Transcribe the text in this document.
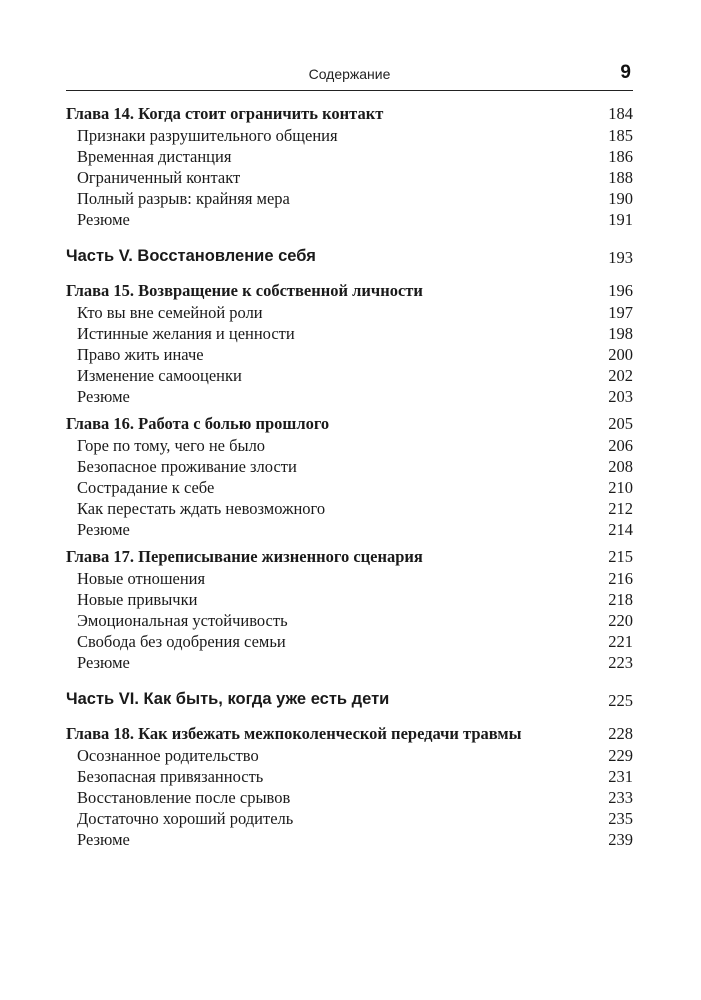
Содержание	9
Глава 14. Когда стоит ограничить контакт	184
Признаки разрушительного общения	185
Временная дистанция	186
Ограниченный контакт	188
Полный разрыв: крайняя мера	190
Резюме	191
Часть V. Восстановление себя	193
Глава 15. Возвращение к собственной личности	196
Кто вы вне семейной роли	197
Истинные желания и ценности	198
Право жить иначе	200
Изменение самооценки	202
Резюме	203
Глава 16. Работа с болью прошлого	205
Горе по тому, чего не было	206
Безопасное проживание злости	208
Сострадание к себе	210
Как перестать ждать невозможного	212
Резюме	214
Глава 17. Переписывание жизненного сценария	215
Новые отношения	216
Новые привычки	218
Эмоциональная устойчивость	220
Свобода без одобрения семьи	221
Резюме	223
Часть VI. Как быть, когда уже есть дети	225
Глава 18. Как избежать межпоколенческой передачи травмы	228
Осознанное родительство	229
Безопасная привязанность	231
Восстановление после срывов	233
Достаточно хороший родитель	235
Резюме	239
